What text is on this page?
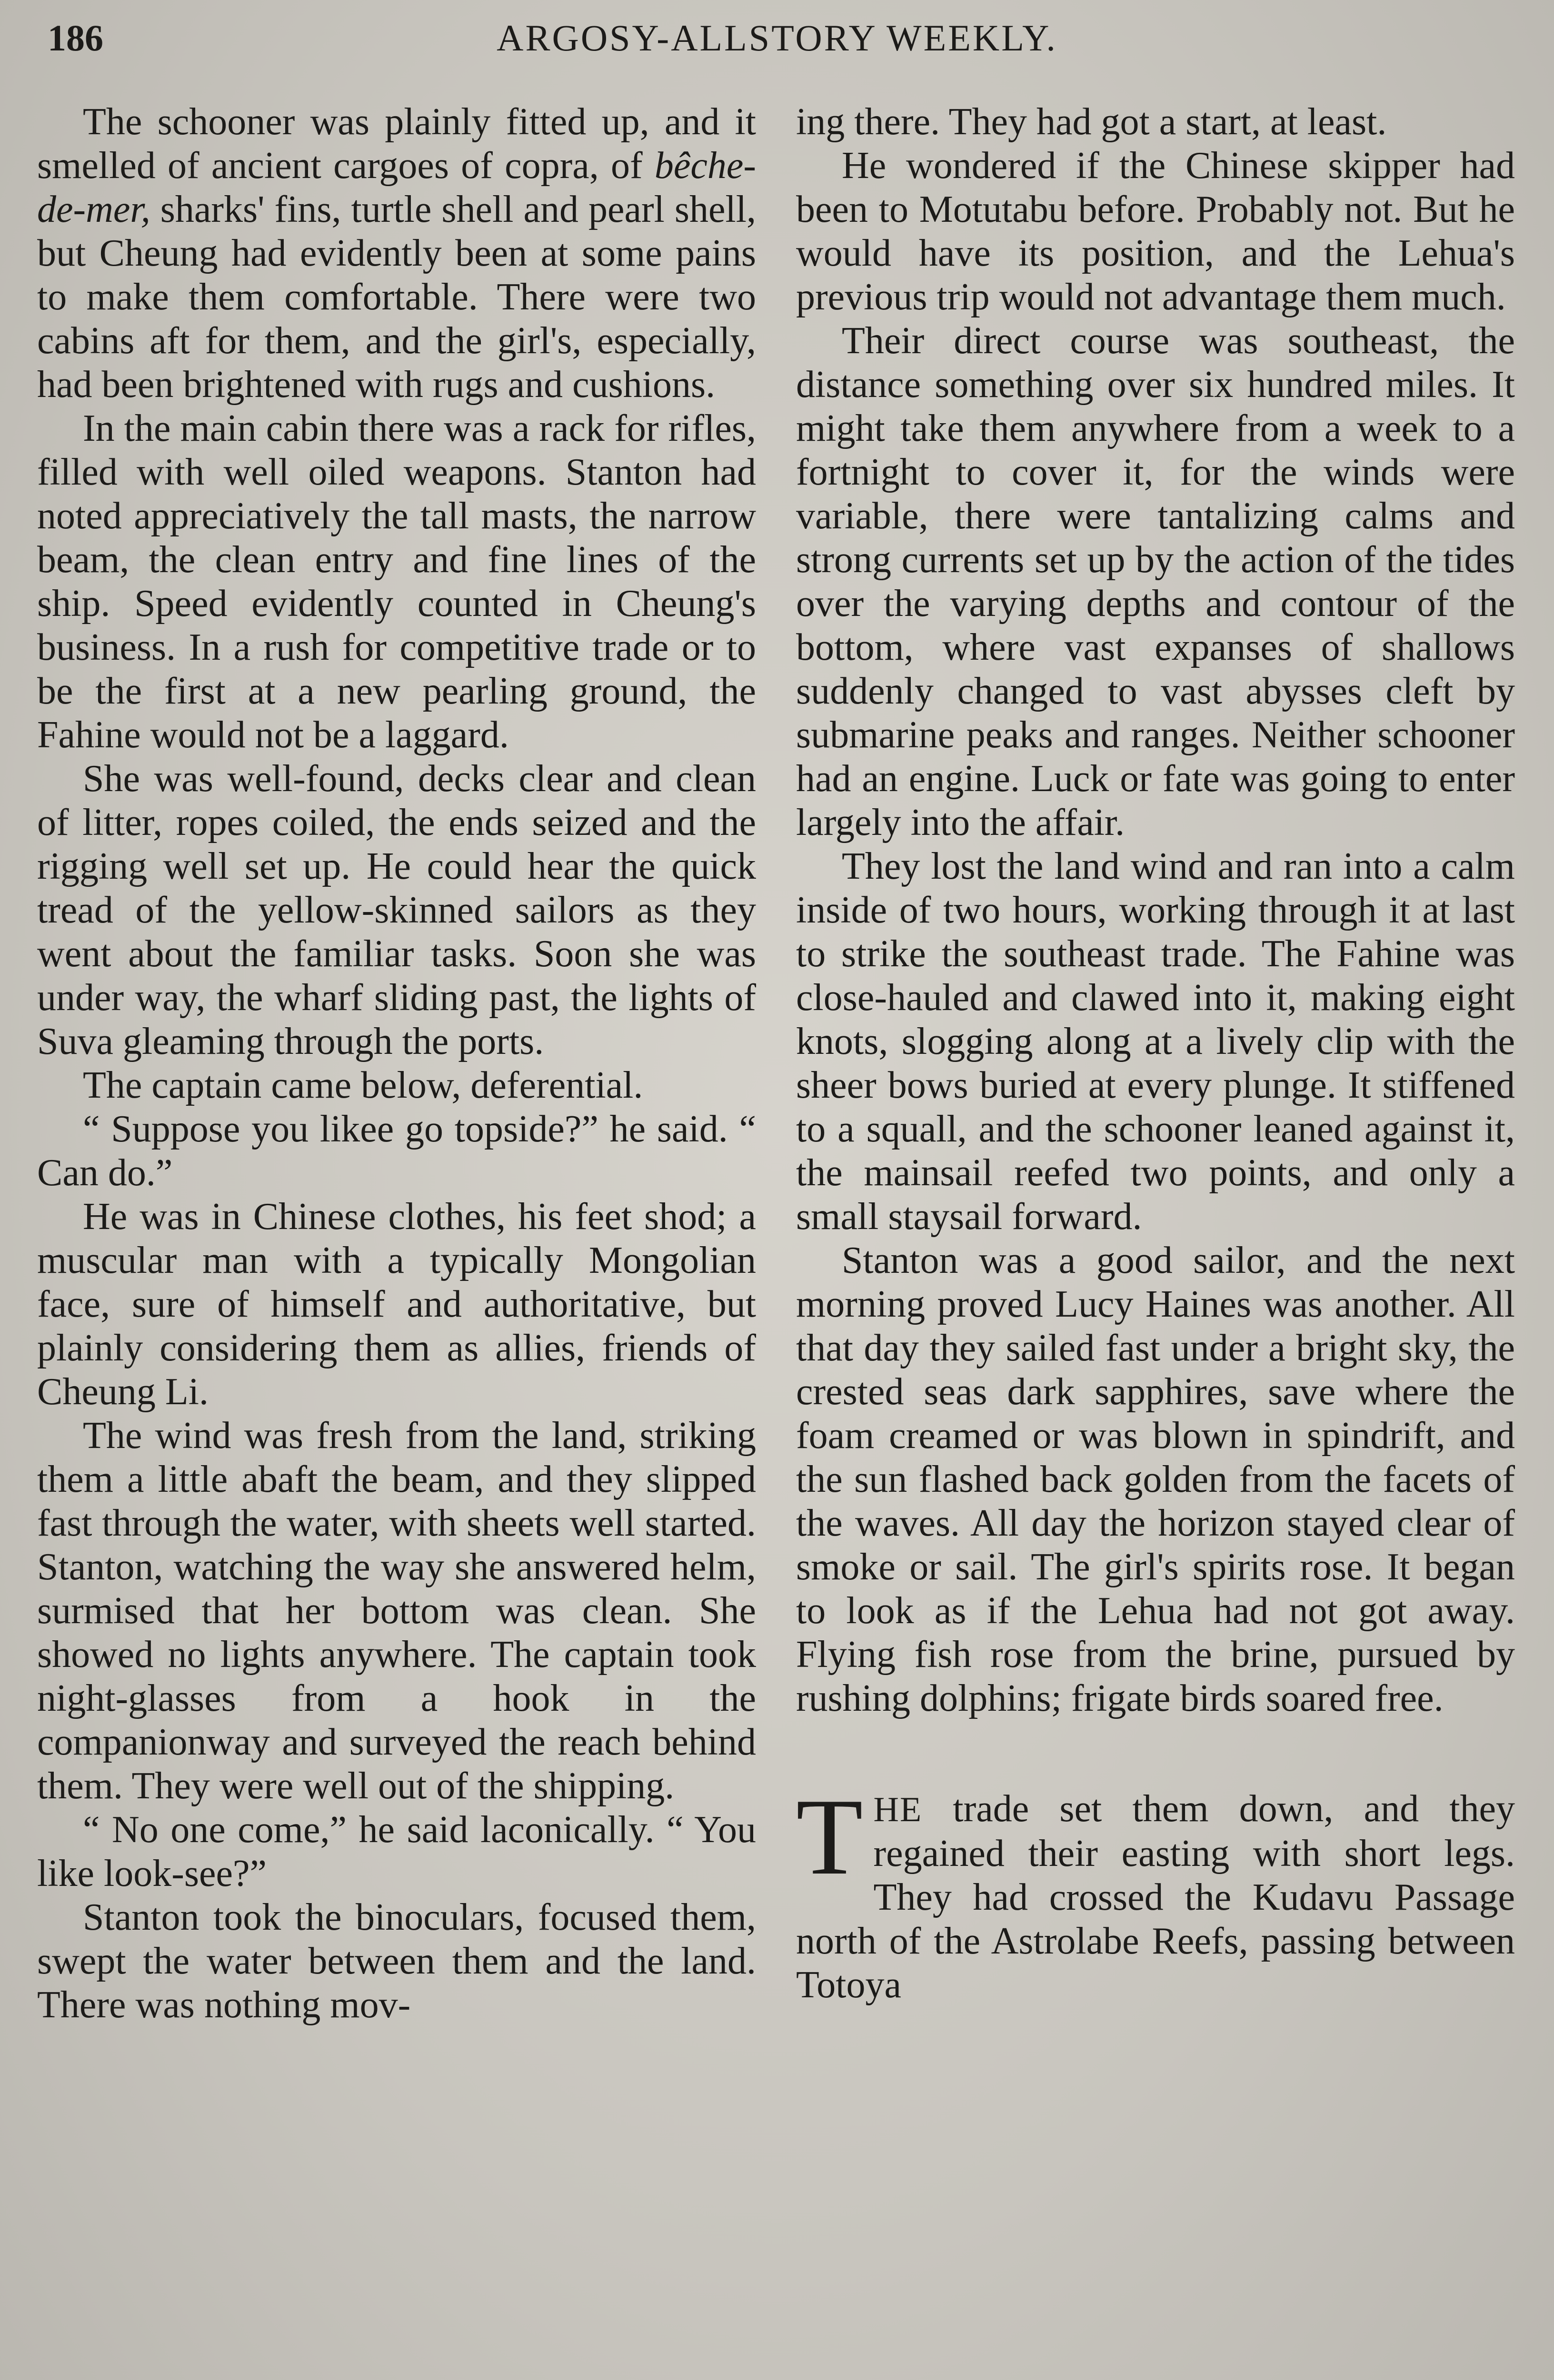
186	ARGOSY-ALLSTORY WEEKLY.

The schooner was plainly fitted up, and it smelled of ancient cargoes of copra, of bêche-de-mer, sharks' fins, turtle shell and pearl shell, but Cheung had evidently been at some pains to make them comfortable. There were two cabins aft for them, and the girl's, especially, had been brightened with rugs and cushions.

In the main cabin there was a rack for rifles, filled with well oiled weapons. Stanton had noted appreciatively the tall masts, the narrow beam, the clean entry and fine lines of the ship. Speed evidently counted in Cheung's business. In a rush for competitive trade or to be the first at a new pearling ground, the Fahine would not be a laggard.

She was well-found, decks clear and clean of litter, ropes coiled, the ends seized and the rigging well set up. He could hear the quick tread of the yellow-skinned sailors as they went about the familiar tasks. Soon she was under way, the wharf sliding past, the lights of Suva gleaming through the ports.

The captain came below, deferential.

“ Suppose you likee go topside?” he said. “ Can do.”

He was in Chinese clothes, his feet shod; a muscular man with a typically Mongolian face, sure of himself and authoritative, but plainly considering them as allies, friends of Cheung Li.

The wind was fresh from the land, striking them a little abaft the beam, and they slipped fast through the water, with sheets well started. Stanton, watching the way she answered helm, surmised that her bottom was clean. She showed no lights anywhere. The captain took night-glasses from a hook in the companionway and surveyed the reach behind them. They were well out of the shipping.

“ No one come,” he said laconically. “ You like look-see?”

Stanton took the binoculars, focused them, swept the water between them and the land. There was nothing mov-

ing there. They had got a start, at least.

He wondered if the Chinese skipper had been to Motutabu before. Probably not. But he would have its position, and the Lehua's previous trip would not advantage them much.

Their direct course was southeast, the distance something over six hundred miles. It might take them anywhere from a week to a fortnight to cover it, for the winds were variable, there were tantalizing calms and strong currents set up by the action of the tides over the varying depths and contour of the bottom, where vast expanses of shallows suddenly changed to vast abysses cleft by submarine peaks and ranges. Neither schooner had an engine. Luck or fate was going to enter largely into the affair.

They lost the land wind and ran into a calm inside of two hours, working through it at last to strike the southeast trade. The Fahine was close-hauled and clawed into it, making eight knots, slogging along at a lively clip with the sheer bows buried at every plunge. It stiffened to a squall, and the schooner leaned against it, the mainsail reefed two points, and only a small staysail forward.

Stanton was a good sailor, and the next morning proved Lucy Haines was another. All that day they sailed fast under a bright sky, the crested seas dark sapphires, save where the foam creamed or was blown in spindrift, and the sun flashed back golden from the facets of the waves. All day the horizon stayed clear of smoke or sail. The girl's spirits rose. It began to look as if the Lehua had not got away. Flying fish rose from the brine, pursued by rushing dolphins; frigate birds soared free.

THE trade set them down, and they regained their easting with short legs. They had crossed the Kudavu Passage north of the Astrolabe Reefs, passing between Totoya
